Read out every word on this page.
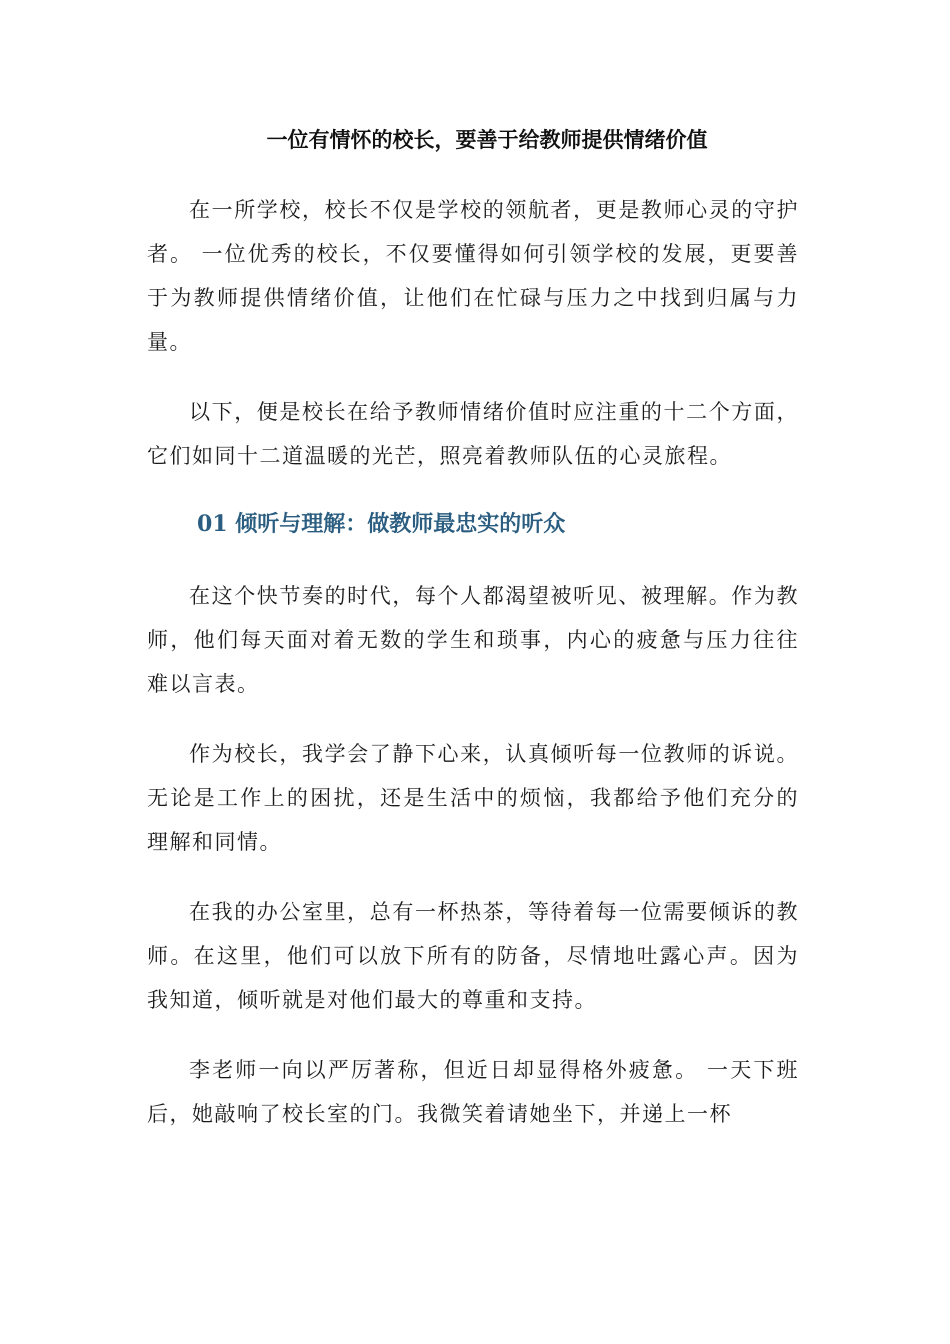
一位有情怀的校长，要善于给教师提供情绪价值

在一所学校，校长不仅是学校的领航者，更是教师心灵的守护者。 一位优秀的校长，不仅要懂得如何引领学校的发展，更要善于为教师提供情绪价值，让他们在忙碌与压力之中找到归属与力量。

以下，便是校长在给予教师情绪价值时应注重的十二个方面，它们如同十二道温暖的光芒，照亮着教师队伍的心灵旅程。

01 倾听与理解：做教师最忠实的听众

在这个快节奏的时代，每个人都渴望被听见、被理解。作为教师，他们每天面对着无数的学生和琐事，内心的疲惫与压力往往难以言表。

作为校长，我学会了静下心来，认真倾听每一位教师的诉说。无论是工作上的困扰，还是生活中的烦恼，我都给予他们充分的理解和同情。

在我的办公室里，总有一杯热茶，等待着每一位需要倾诉的教师。在这里，他们可以放下所有的防备，尽情地吐露心声。因为我知道，倾听就是对他们最大的尊重和支持。

李老师一向以严厉著称，但近日却显得格外疲惫。 一天下班后，她敲响了校长室的门。我微笑着请她坐下，并递上一杯
